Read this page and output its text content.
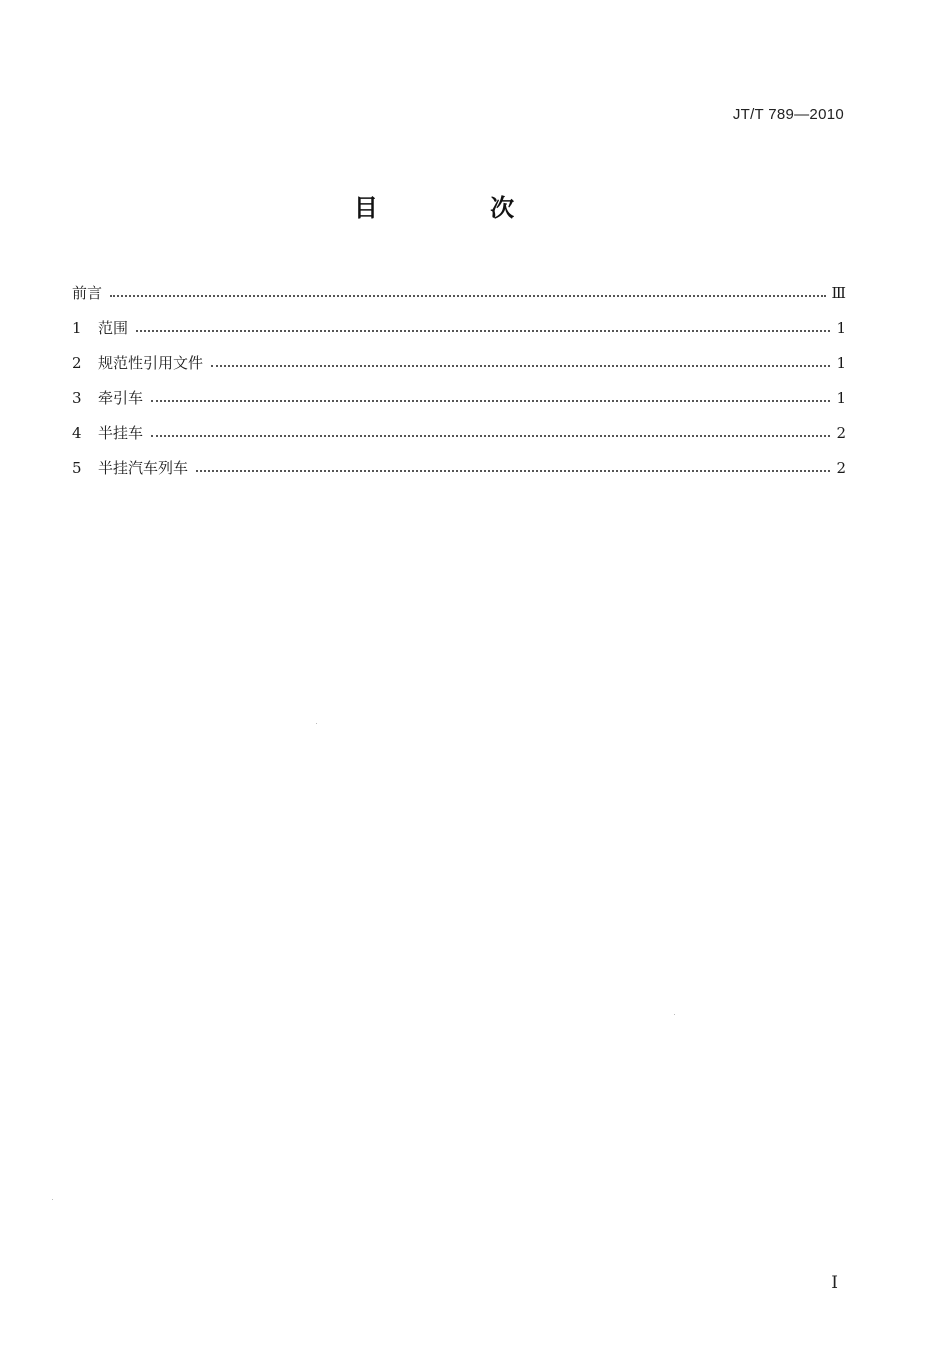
JT/T 789—2010
目 次
前言	Ⅲ
1	范围	1
2	规范性引用文件	1
3	牵引车	1
4	半挂车	2
5	半挂汽车列车	2
I
